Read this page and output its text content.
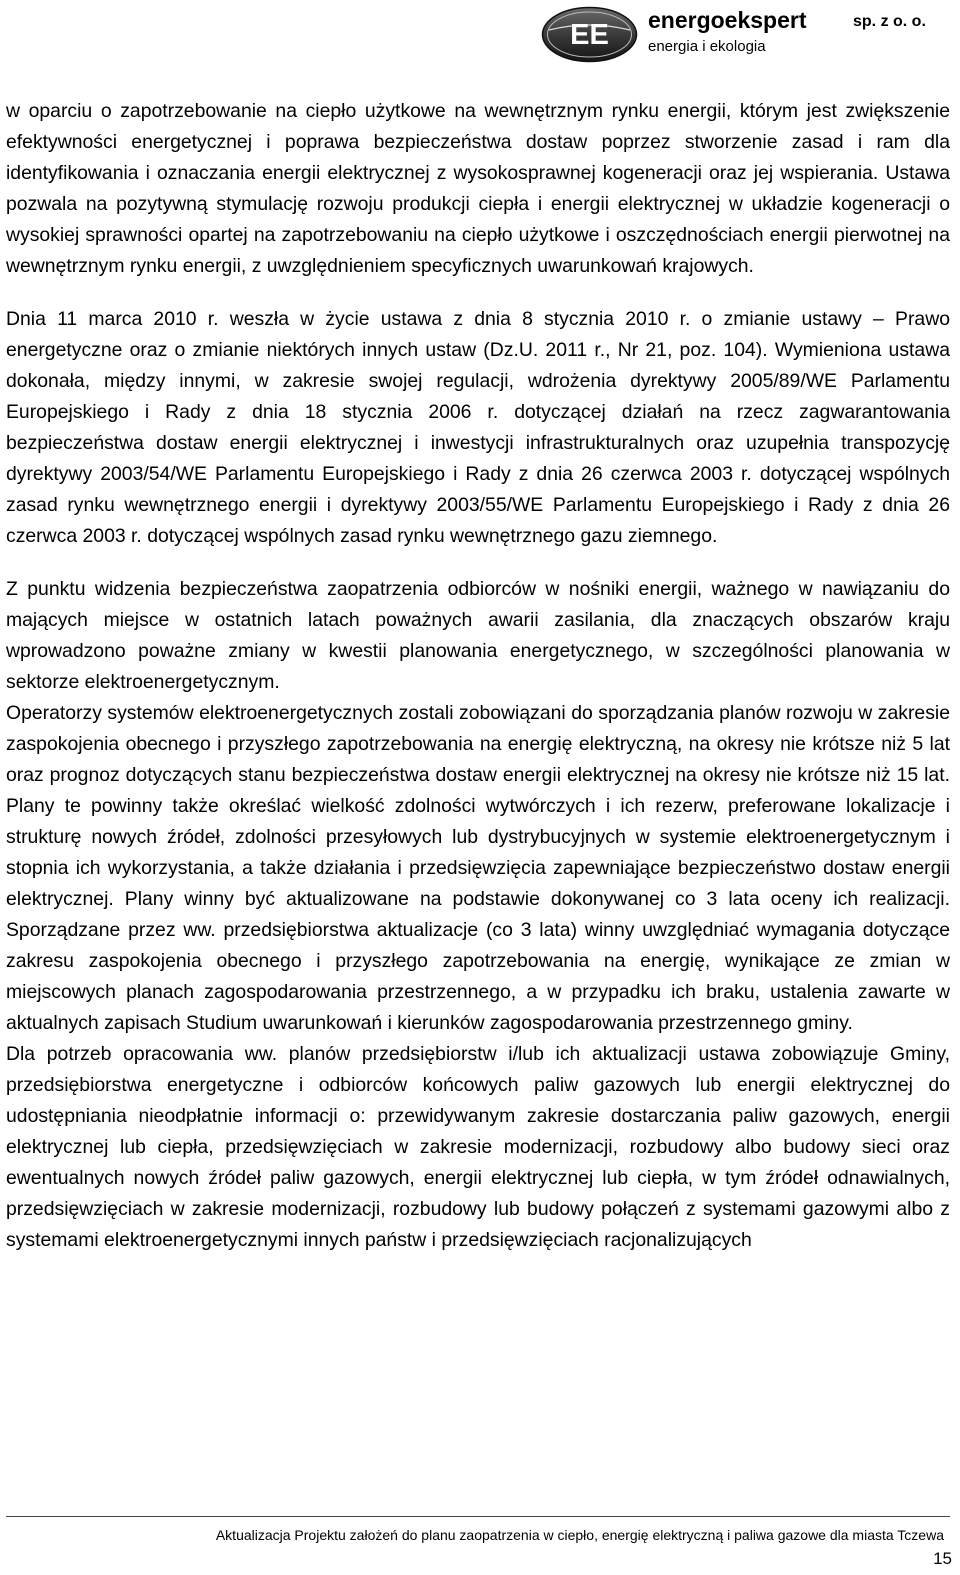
EE energoekspert	sp. z o. o.
energia i ekologia

w oparciu o zapotrzebowanie na ciepło użytkowe na wewnętrznym rynku energii, którym jest zwiększenie efektywności energetycznej i poprawa bezpieczeństwa dostaw poprzez stworzenie zasad i ram dla identyfikowania i oznaczania energii elektrycznej z wysokosprawnej kogeneracji oraz jej wspierania. Ustawa pozwala na pozytywną stymulację rozwoju produkcji ciepła i energii elektrycznej w układzie kogeneracji o wysokiej sprawności opartej na zapotrzebowaniu na ciepło użytkowe i oszczędnościach energii pierwotnej na wewnętrznym rynku energii, z uwzględnieniem specyficznych uwarunkowań krajowych.

Dnia 11 marca 2010 r. weszła w życie ustawa z dnia 8 stycznia 2010 r. o zmianie ustawy – Prawo energetyczne oraz o zmianie niektórych innych ustaw (Dz.U. 2011 r., Nr 21, poz. 104). Wymieniona ustawa dokonała, między innymi, w zakresie swojej regulacji, wdrożenia dyrektywy 2005/89/WE Parlamentu Europejskiego i Rady z dnia 18 stycznia 2006 r. dotyczącej działań na rzecz zagwarantowania bezpieczeństwa dostaw energii elektrycznej i inwestycji infrastrukturalnych oraz uzupełnia transpozycję dyrektywy 2003/54/WE Parlamentu Europejskiego i Rady z dnia 26 czerwca 2003 r. dotyczącej wspólnych zasad rynku wewnętrznego energii i dyrektywy 2003/55/WE Parlamentu Europejskiego i Rady z dnia 26 czerwca 2003 r. dotyczącej wspólnych zasad rynku wewnętrznego gazu ziemnego.

Z punktu widzenia bezpieczeństwa zaopatrzenia odbiorców w nośniki energii, ważnego w nawiązaniu do mających miejsce w ostatnich latach poważnych awarii zasilania, dla znaczących obszarów kraju wprowadzono poważne zmiany w kwestii planowania energetycznego, w szczególności planowania w sektorze elektroenergetycznym.

Operatorzy systemów elektroenergetycznych zostali zobowiązani do sporządzania planów rozwoju w zakresie zaspokojenia obecnego i przyszłego zapotrzebowania na energię elektryczną, na okresy nie krótsze niż 5 lat oraz prognoz dotyczących stanu bezpieczeństwa dostaw energii elektrycznej na okresy nie krótsze niż 15 lat. Plany te powinny także określać wielkość zdolności wytwórczych i ich rezerw, preferowane lokalizacje i strukturę nowych źródeł, zdolności przesyłowych lub dystrybucyjnych w systemie elektroenergetycznym i stopnia ich wykorzystania, a także działania i przedsięwzięcia zapewniające bezpieczeństwo dostaw energii elektrycznej. Plany winny być aktualizowane na podstawie dokonywanej co 3 lata oceny ich realizacji. Sporządzane przez ww. przedsiębiorstwa aktualizacje (co 3 lata) winny uwzględniać wymagania dotyczące zakresu zaspokojenia obecnego i przyszłego zapotrzebowania na energię, wynikające ze zmian w miejscowych planach zagospodarowania przestrzennego, a w przypadku ich braku, ustalenia zawarte w aktualnych zapisach Studium uwarunkowań i kierunków zagospodarowania przestrzennego gminy.

Dla potrzeb opracowania ww. planów przedsiębiorstw i/lub ich aktualizacji ustawa zobowiązuje Gminy, przedsiębiorstwa energetyczne i odbiorców końcowych paliw gazowych lub energii elektrycznej do udostępniania nieodpłatnie informacji o: przewidywanym zakresie dostarczania paliw gazowych, energii elektrycznej lub ciepła, przedsięwzięciach w zakresie modernizacji, rozbudowy albo budowy sieci oraz ewentualnych nowych źródeł paliw gazowych, energii elektrycznej lub ciepła, w tym źródeł odnawialnych, przedsięwzięciach w zakresie modernizacji, rozbudowy lub budowy połączeń z systemami gazowymi albo z systemami elektroenergetycznymi innych państw i przedsięwzięciach racjonalizujących

Aktualizacja Projektu założeń do planu zaopatrzenia w ciepło, energię elektryczną i paliwa gazowe dla miasta Tczewa
15
